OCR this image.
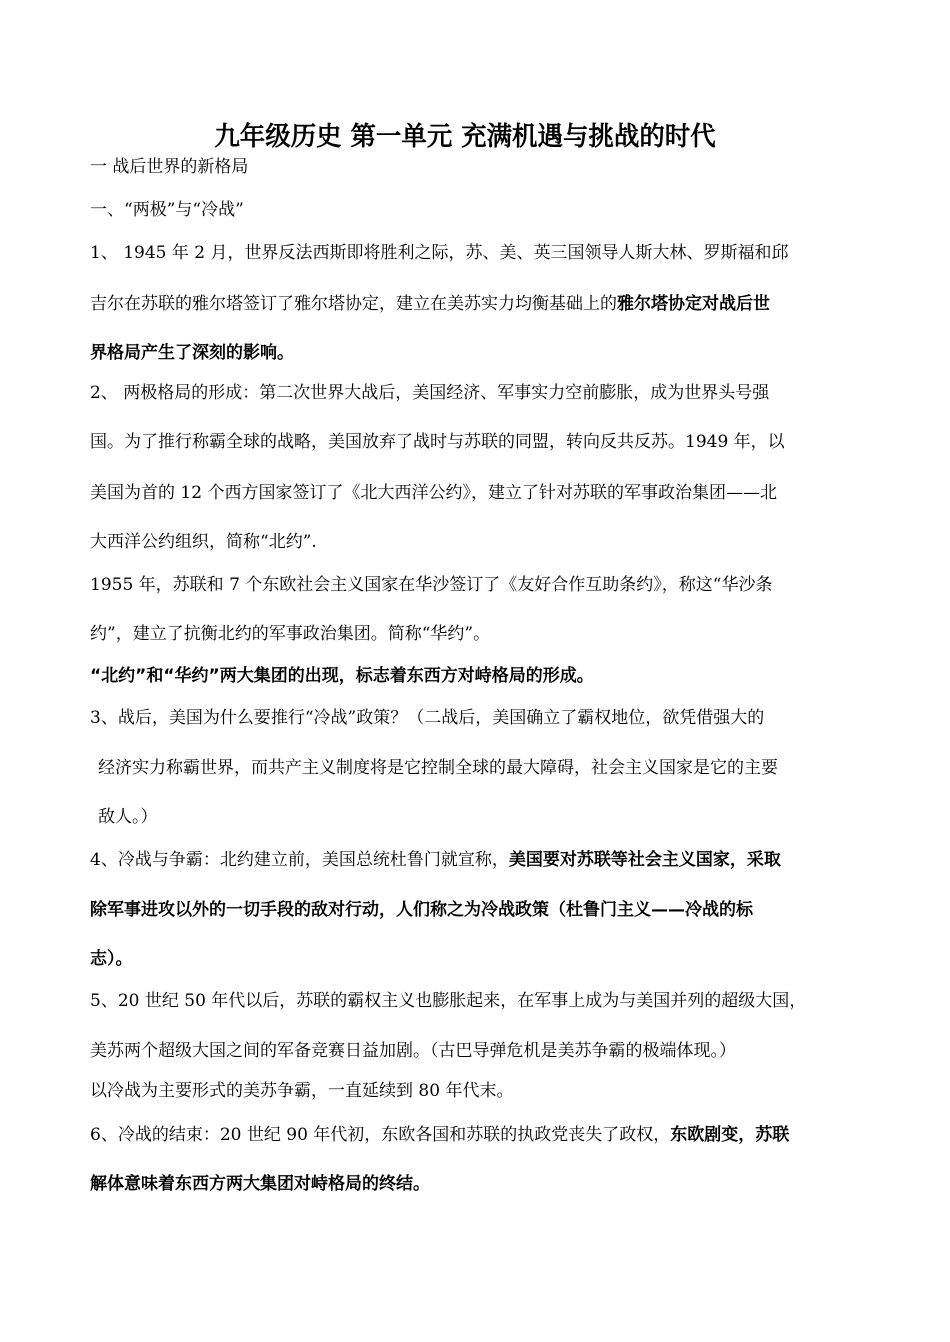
九年级历史 第一单元 充满机遇与挑战的时代
一 战后世界的新格局
一、“两极”与“冷战”
1、 1945 年 2 月，世界反法西斯即将胜利之际，苏、美、英三国领导人斯大林、罗斯福和邱
吉尔在苏联的雅尔塔签订了雅尔塔协定，建立在美苏实力均衡基础上的雅尔塔协定对战后世
界格局产生了深刻的影响。
2、 两极格局的形成：第二次世界大战后，美国经济、军事实力空前膨胀，成为世界头号强
国。为了推行称霸全球的战略，美国放弃了战时与苏联的同盟，转向反共反苏。1949 年，以
美国为首的 12 个西方国家签订了《北大西洋公约》，建立了针对苏联的军事政治集团——北
大西洋公约组织，简称“北约”.
1955 年，苏联和 7 个东欧社会主义国家在华沙签订了《友好合作互助条约》，称这“华沙条
约”，建立了抗衡北约的军事政治集团。简称“华约”。
“北约”和“华约”两大集团的出现，标志着东西方对峙格局的形成。
3、战后，美国为什么要推行“冷战”政策？（二战后，美国确立了霸权地位，欲凭借强大的
经济实力称霸世界，而共产主义制度将是它控制全球的最大障碍，社会主义国家是它的主要
敌人。）
4、冷战与争霸：北约建立前，美国总统杜鲁门就宣称，美国要对苏联等社会主义国家，采取
除军事进攻以外的一切手段的敌对行动，人们称之为冷战政策（杜鲁门主义——冷战的标
志）。
5、20 世纪 50 年代以后，苏联的霸权主义也膨胀起来，在军事上成为与美国并列的超级大国，
美苏两个超级大国之间的军备竞赛日益加剧。（古巴导弹危机是美苏争霸的极端体现。）
以冷战为主要形式的美苏争霸，一直延续到 80 年代末。
6、冷战的结束：20 世纪 90 年代初，东欧各国和苏联的执政党丧失了政权，东欧剧变，苏联
解体意味着东西方两大集团对峙格局的终结。
